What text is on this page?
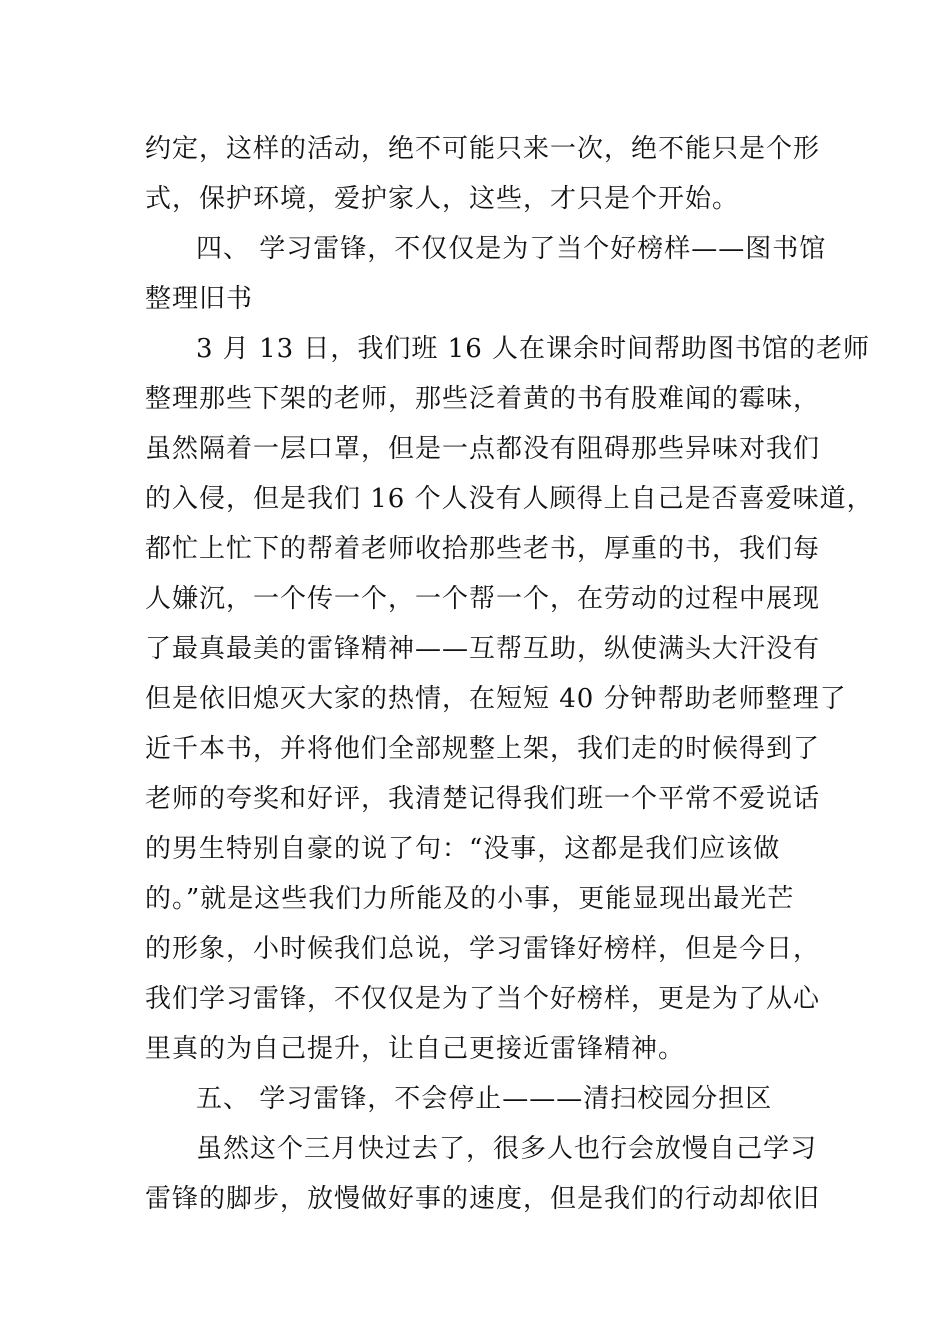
约定，这样的活动，绝不可能只来一次，绝不能只是个形
式，保护环境，爱护家人，这些，才只是个开始。
四、 学习雷锋，不仅仅是为了当个好榜样——图书馆
整理旧书
3 月 13 日，我们班 16 人在课余时间帮助图书馆的老师
整理那些下架的老师，那些泛着黄的书有股难闻的霉味，
虽然隔着一层口罩，但是一点都没有阻碍那些异味对我们
的入侵，但是我们 16 个人没有人顾得上自己是否喜爱味道，
都忙上忙下的帮着老师收拾那些老书，厚重的书，我们每
人嫌沉，一个传一个，一个帮一个，在劳动的过程中展现
了最真最美的雷锋精神——互帮互助，纵使满头大汗没有
但是依旧熄灭大家的热情，在短短 40 分钟帮助老师整理了
近千本书，并将他们全部规整上架，我们走的时候得到了
老师的夸奖和好评，我清楚记得我们班一个平常不爱说话
的男生特别自豪的说了句：“没事，这都是我们应该做
的。”就是这些我们力所能及的小事，更能显现出最光芒
的形象，小时候我们总说，学习雷锋好榜样，但是今日，
我们学习雷锋，不仅仅是为了当个好榜样，更是为了从心
里真的为自己提升，让自己更接近雷锋精神。
五、 学习雷锋，不会停止———清扫校园分担区
虽然这个三月快过去了，很多人也行会放慢自己学习
雷锋的脚步，放慢做好事的速度，但是我们的行动却依旧
